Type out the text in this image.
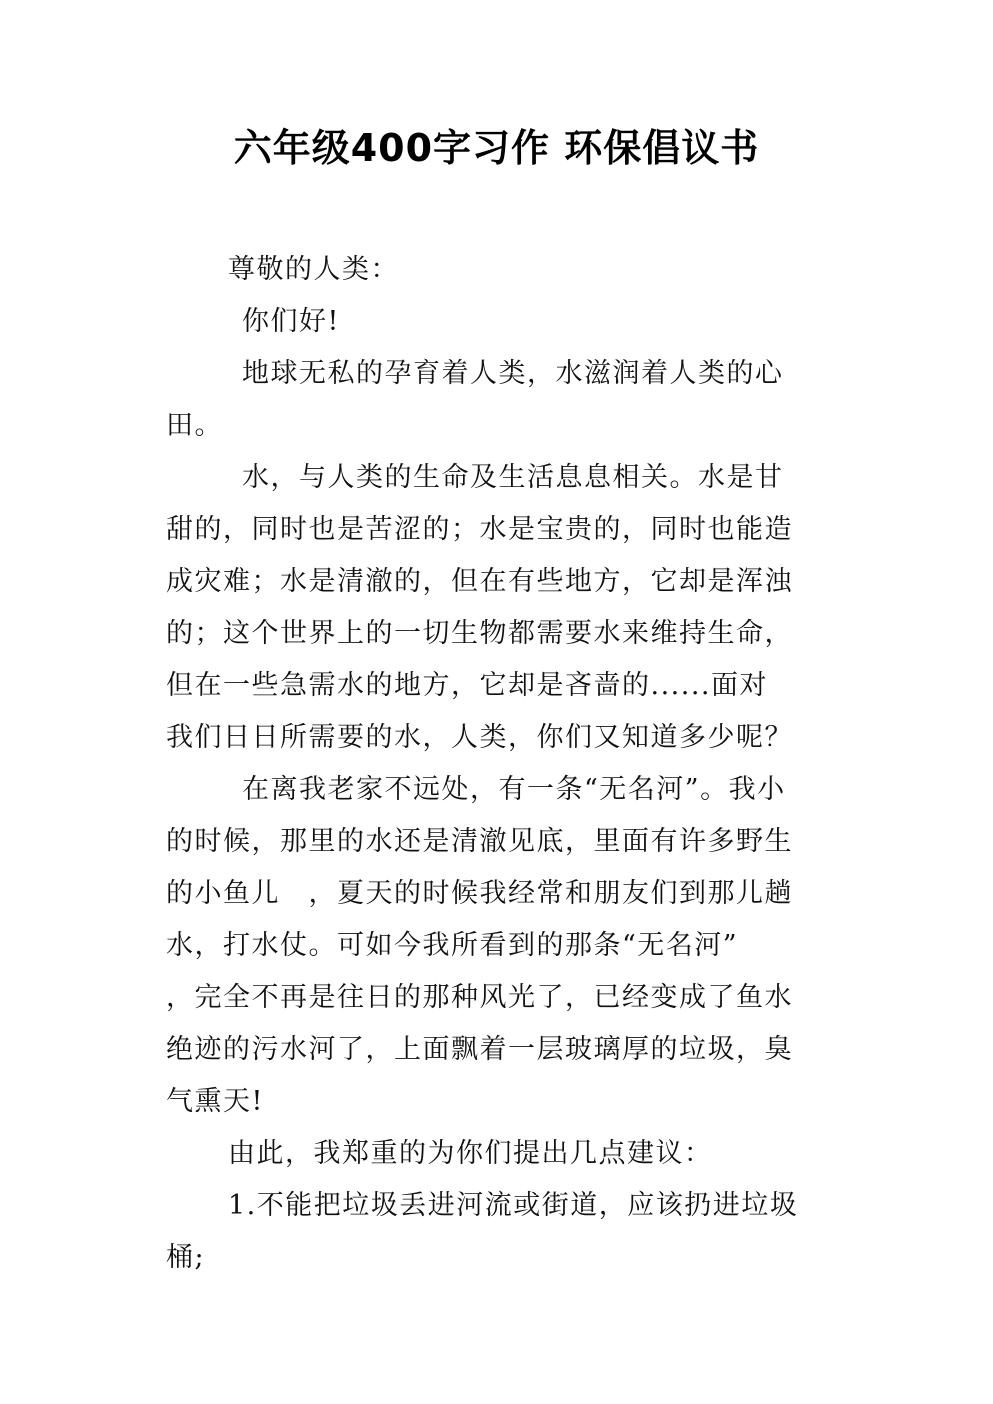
六年级400字习作 环保倡议书
尊敬的人类：
你们好!
地球无私的孕育着人类，水滋润着人类的心
田。
水，与人类的生命及生活息息相关。水是甘
甜的，同时也是苦涩的；水是宝贵的，同时也能造
成灾难；水是清澈的，但在有些地方，它却是浑浊
的；这个世界上的一切生物都需要水来维持生命，
但在一些急需水的地方，它却是吝啬的......面对
我们日日所需要的水，人类，你们又知道多少呢？
在离我老家不远处，有一条“无名河”。我小
的时候，那里的水还是清澈见底，里面有许多野生
的小鱼儿　，夏天的时候我经常和朋友们到那儿趟
水，打水仗。可如今我所看到的那条“无名河”
，完全不再是往日的那种风光了，已经变成了鱼水
绝迹的污水河了，上面飘着一层玻璃厚的垃圾，臭
气熏天!
由此，我郑重的为你们提出几点建议：
1.不能把垃圾丢进河流或街道，应该扔进垃圾
桶;
